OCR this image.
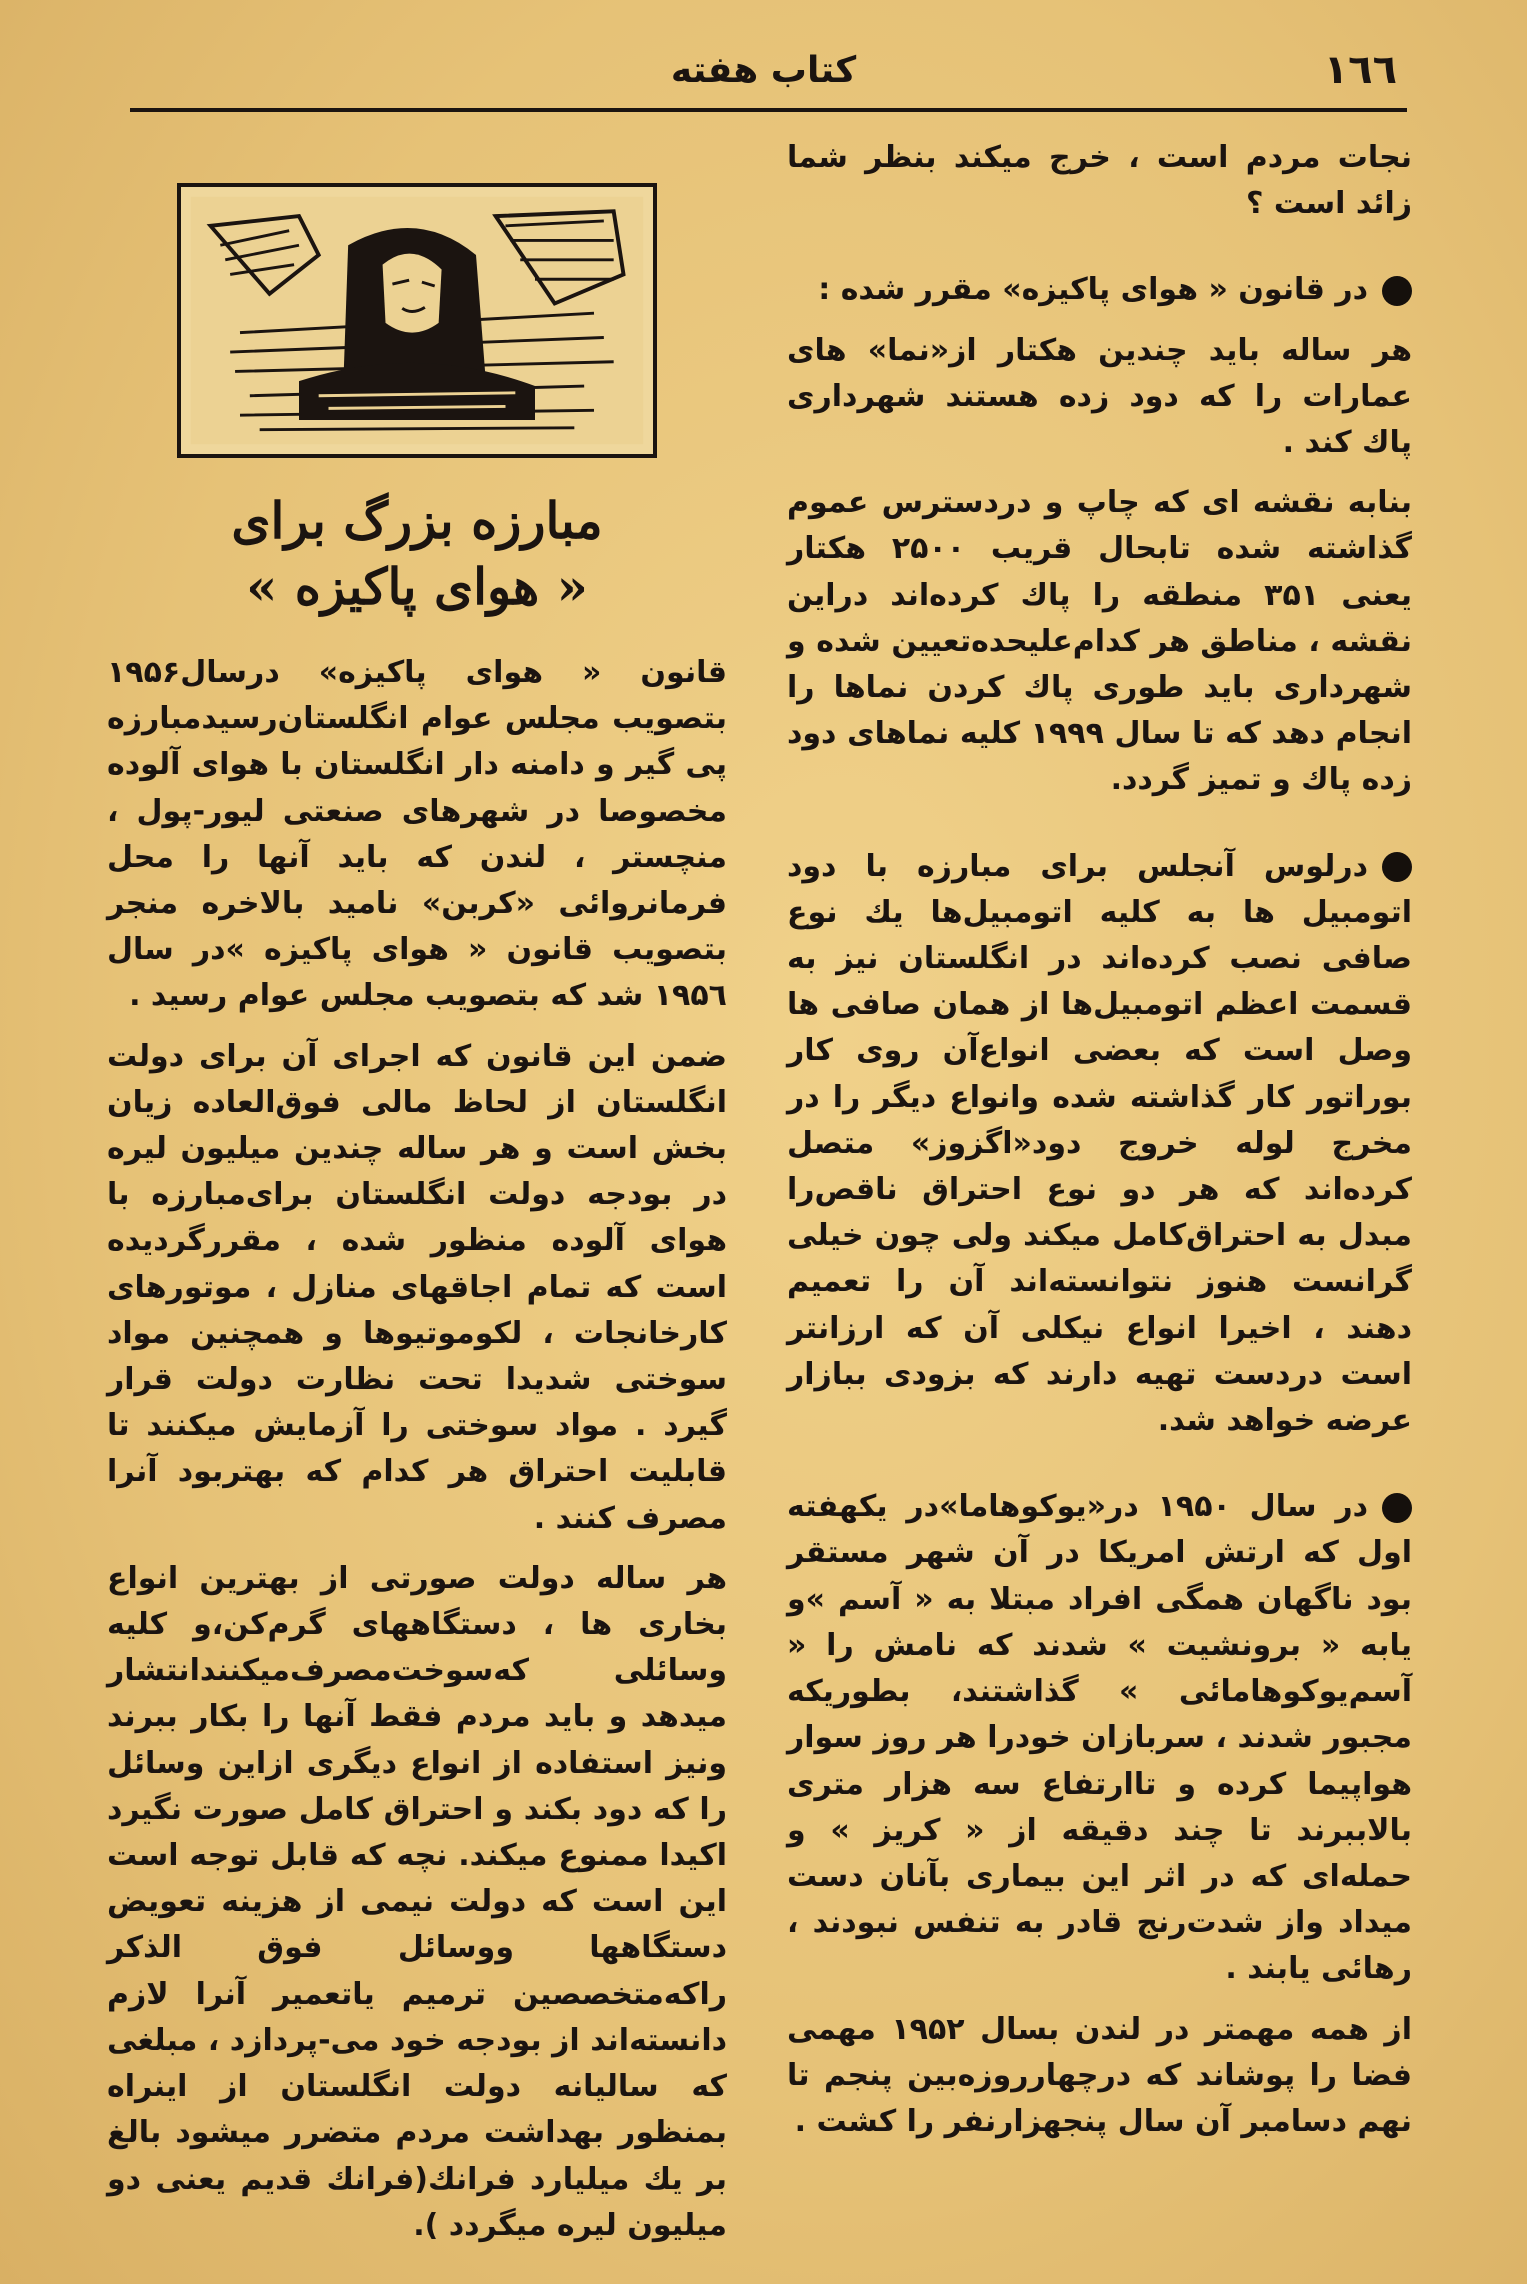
١٦٦
کتاب هفته

نجات مردم است ، خرج میکند بنظر شما زائد است ؟

در قانون « هوای پاکیزه» مقرر شده :

هر ساله باید چندین هکتار از«نما» های عمارات را که دود زده هستند شهرداری پاك کند .

بنابه نقشه ای که چاپ و دردسترس عموم گذاشته شده تابحال قریب ۲۵۰۰ هکتار یعنی ۳۵۱ منطقه را پاك کرده‌اند دراین نقشه ، مناطق هر کدام‌علیحده‌تعیین شده و شهرداری باید طوری پاك کردن نماها را انجام دهد که تا سال ۱۹۹۹ کلیه نماهای دود زده پاك و تمیز گردد.

درلوس آنجلس برای مبارزه با دود اتومبیل ها به کلیه اتومبیل‌ها یك نوع صافی نصب کرده‌اند در انگلستان نیز به قسمت اعظم اتومبیل‌ها از همان صافی ها وصل است که بعضی انواع‌آن روی کار بوراتور کار گذاشته شده وانواع دیگر را در مخرج لوله خروج دود«اگزوز» متصل کرده‌اند که هر دو نوع احتراق ناقص‌را مبدل به احتراق‌کامل میکند ولی چون خیلی گرانست هنوز نتوانسته‌اند آن را تعمیم دهند ، اخیرا انواع نیکلی آن که ارزانتر است دردست تهیه دارند که بزودی ببازار عرضه خواهد شد.

در سال ۱۹۵۰ در«یوکوهاما»در یکهفته اول که ارتش امریکا در آن شهر مستقر بود ناگهان همگی افراد مبتلا به « آسم »و یابه « برونشیت » شدند که نامش را « آسم‌یوکوهامائی » گذاشتند، بطوریکه مجبور شدند ، سربازان خودرا هر روز سوار هواپیما کرده و تاارتفاع سه هزار متری بالاببرند تا چند دقیقه از « کریز » و حمله‌ای که در اثر این بیماری بآنان دست میداد واز شدت‌رنج قادر به تنفس نبودند ، رهائی یابند .

از همه مهمتر در لندن بسال ۱۹۵۲ مهمی فضا را پوشاند که درچهارروزه‌بین پنجم تا نهم دسامبر آن سال پنجهزارنفر را کشت .

مبارزه بزرگ برای
« هوای پاکیزه »

قانون « هوای پاکیزه» درسال۱۹۵۶ بتصویب مجلس عوام انگلستان‌رسیدمبارزه پی گیر و دامنه دار انگلستان با هوای آلوده مخصوصا در شهرهای صنعتی لیور-پول ، منچستر ، لندن که باید آنها را محل فرمانروائی «کربن» نامید بالاخره منجر بتصویب قانون « هوای پاکیزه »در سال ۱۹۵٦ شد که بتصویب مجلس عوام رسید .

ضمن این قانون که اجرای آن برای دولت انگلستان از لحاظ مالی فوق‌العاده زیان بخش است و هر ساله چندین میلیون لیره در بودجه دولت انگلستان برای‌مبارزه با هوای آلوده منظور شده ، مقررگردیده است که تمام اجاقهای منازل ، موتورهای کارخانجات ، لکوموتیوها و همچنین مواد سوختی شدیدا تحت نظارت دولت قرار گیرد . مواد سوختی را آزمایش میکنند تا قابلیت احتراق هر کدام که بهتربود آنرا مصرف کنند .

هر ساله دولت صورتی از بهترین انواع بخاری ها ، دستگاههای گرم‌کن،و کلیه وسائلی که‌سوخت‌مصرف‌میکنندانتشار میدهد و باید مردم فقط آنها را بکار ببرند ونیز استفاده از انواع دیگری ازاین وسائل را که دود بکند و احتراق کامل صورت نگیرد اکیدا ممنوع میکند. نچه که قابل توجه است این است که دولت نیمی از هزینه تعویض دستگاهها ووسائل فوق الذکر راکه‌متخصصین ترمیم یاتعمیر آنرا لازم دانسته‌اند از بودجه خود می-پردازد ، مبلغی که سالیانه دولت انگلستان از اینراه بمنظور بهداشت مردم متضرر میشود بالغ بر یك میلیارد فرانك(فرانك قدیم یعنی دو میلیون لیره میگردد ).
